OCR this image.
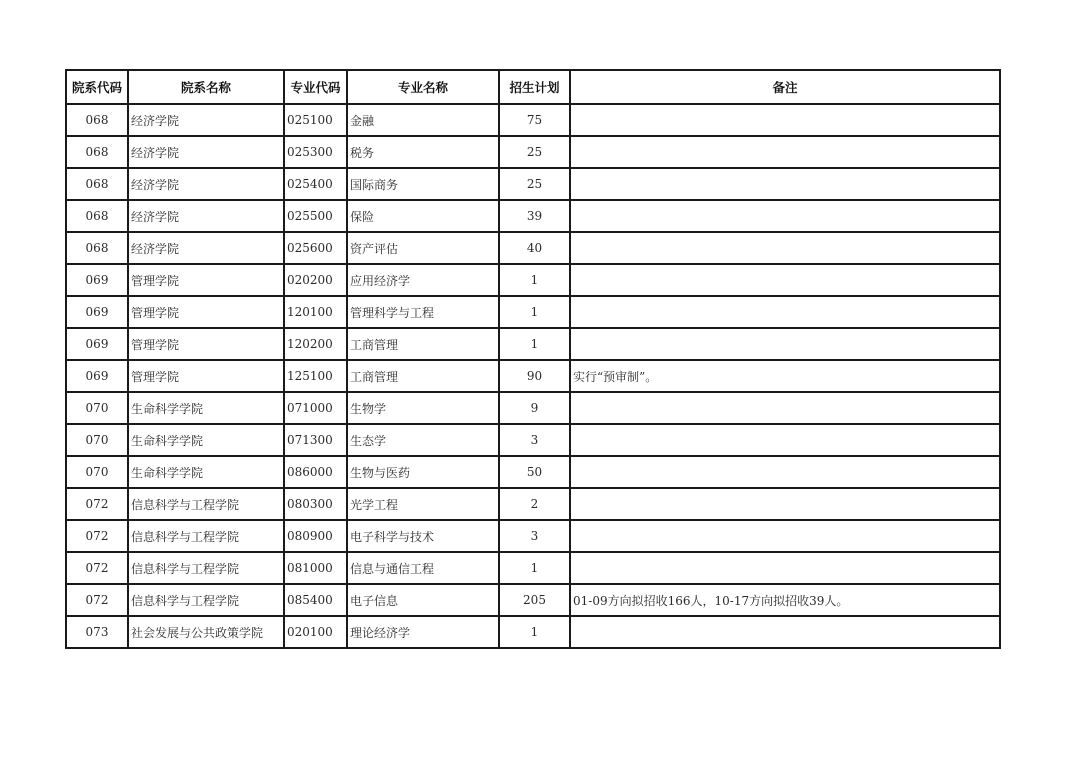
院系代码	院系名称	专业代码	专业名称	招生计划	备注
068	经济学院	025100	金融	75	
068	经济学院	025300	税务	25	
068	经济学院	025400	国际商务	25	
068	经济学院	025500	保险	39	
068	经济学院	025600	资产评估	40	
069	管理学院	020200	应用经济学	1	
069	管理学院	120100	管理科学与工程	1	
069	管理学院	120200	工商管理	1	
069	管理学院	125100	工商管理	90	实行“预审制”。
070	生命科学学院	071000	生物学	9	
070	生命科学学院	071300	生态学	3	
070	生命科学学院	086000	生物与医药	50	
072	信息科学与工程学院	080300	光学工程	2	
072	信息科学与工程学院	080900	电子科学与技术	3	
072	信息科学与工程学院	081000	信息与通信工程	1	
072	信息科学与工程学院	085400	电子信息	205	01-09方向拟招收166人，10-17方向拟招收39人。
073	社会发展与公共政策学院	020100	理论经济学	1	
